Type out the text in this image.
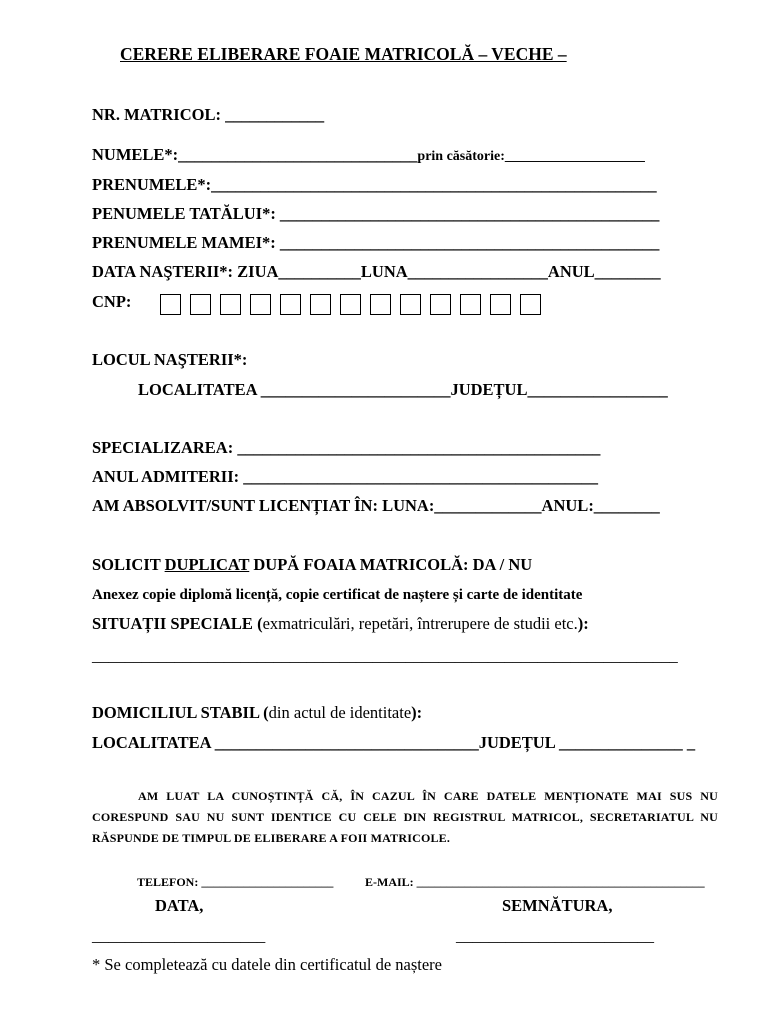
CERERE ELIBERARE FOAIE MATRICOLĂ – VECHE –
NR. MATRICOL: ____________
NUMELE*:_____________________________prin căsătorie:____________________
PRENUMELE*:______________________________________________________
PENUMELE TATĂLUI*: ______________________________________________
PRENUMELE MAMEI*: ______________________________________________
DATA NAŞTERII*: ZIUA__________LUNA_________________ANUL________
CNP:
LOCUL NAŞTERII*:
LOCALITATEA _______________________JUDEȚUL_________________
SPECIALIZAREA: ____________________________________________
ANUL ADMITERII: ___________________________________________
AM ABSOLVIT/SUNT LICENȚIAT ÎN: LUNA:_____________ANUL:________
SOLICIT DUPLICAT DUPĂ FOAIA MATRICOLĂ: DA / NU
Anexez copie diplomă licență, copie certificat de naștere și carte de identitate
SITUAȚII SPECIALE (exmatriculări, repetări, întrerupere de studii etc.):
_______________________________________________________________________
DOMICILIUL STABIL (din actul de identitate):
LOCALITATEA ________________________________JUDEȚUL _______________ _
AM LUAT LA CUNOȘTINȚĂ CĂ, ÎN CAZUL ÎN CARE DATELE MENȚIONATE MAI SUS NU CORESPUND SAU NU SUNT IDENTICE CU CELE DIN REGISTRUL MATRICOL, SECRETARIATUL NU RĂSPUNDE DE TIMPUL DE ELIBERARE A FOII MATRICOLE.
TELEFON: ______________________	E-MAIL: ________________________________________________
DATA,	SEMNĂTURA,
_____________________	________________________
* Se completează cu datele din certificatul de naștere
